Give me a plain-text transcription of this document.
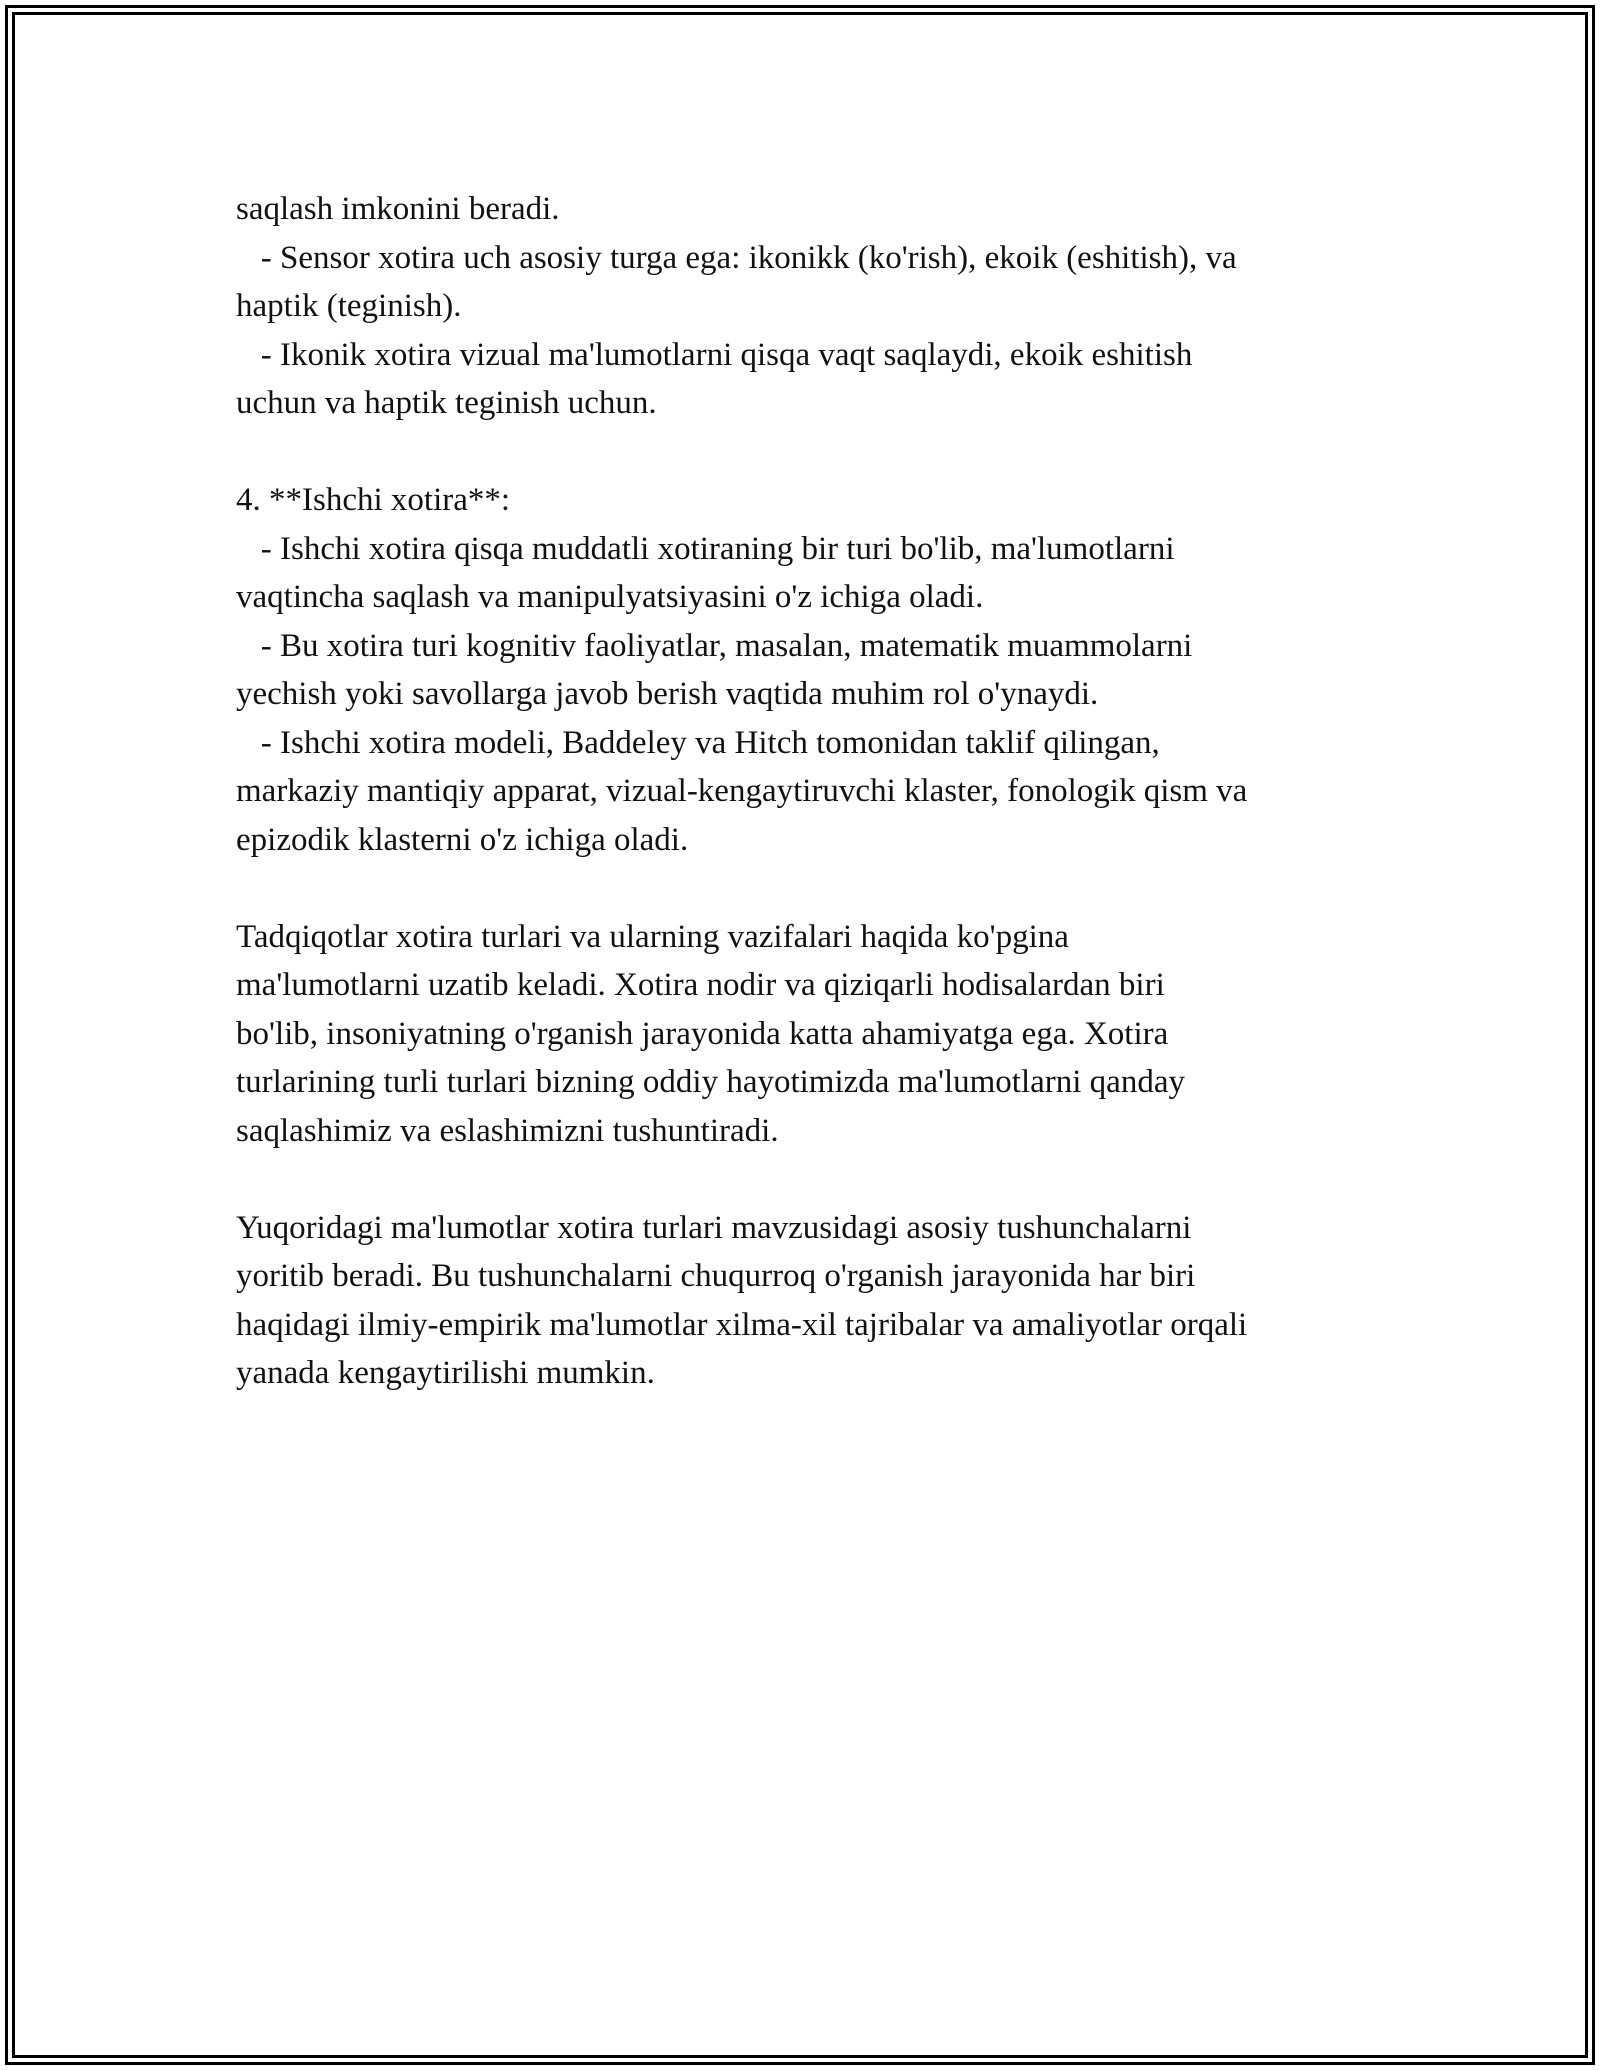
saqlash imkonini beradi.
- Sensor xotira uch asosiy turga ega: ikonikk (ko'rish), ekoik (eshitish), va
haptik (teginish).
- Ikonik xotira vizual ma'lumotlarni qisqa vaqt saqlaydi, ekoik eshitish
uchun va haptik teginish uchun.
4. **Ishchi xotira**:
- Ishchi xotira qisqa muddatli xotiraning bir turi bo'lib, ma'lumotlarni
vaqtincha saqlash va manipulyatsiyasini o'z ichiga oladi.
- Bu xotira turi kognitiv faoliyatlar, masalan, matematik muammolarni
yechish yoki savollarga javob berish vaqtida muhim rol o'ynaydi.
- Ishchi xotira modeli, Baddeley va Hitch tomonidan taklif qilingan,
markaziy mantiqiy apparat, vizual-kengaytiruvchi klaster, fonologik qism va
epizodik klasterni o'z ichiga oladi.
Tadqiqotlar xotira turlari va ularning vazifalari haqida ko'pgina
ma'lumotlarni uzatib keladi. Xotira nodir va qiziqarli hodisalardan biri
bo'lib, insoniyatning o'rganish jarayonida katta ahamiyatga ega. Xotira
turlarining turli turlari bizning oddiy hayotimizda ma'lumotlarni qanday
saqlashimiz va eslashimizni tushuntiradi.
Yuqoridagi ma'lumotlar xotira turlari mavzusidagi asosiy tushunchalarni
yoritib beradi. Bu tushunchalarni chuqurroq o'rganish jarayonida har biri
haqidagi ilmiy-empirik ma'lumotlar xilma-xil tajribalar va amaliyotlar orqali
yanada kengaytirilishi mumkin.
